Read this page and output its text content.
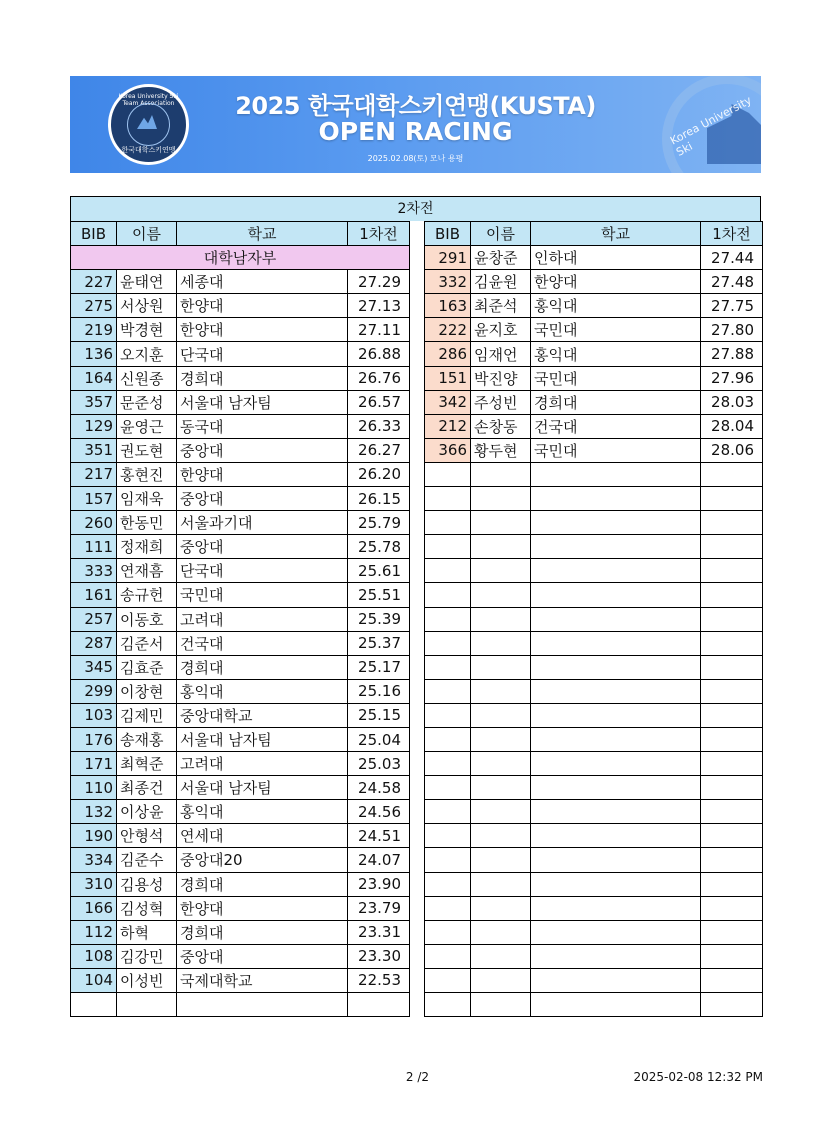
Korea University Ski Team Association
한국대학스키연맹
2025 한국대학스키연맹(KUSTA)
OPEN RACING
2025.02.08(토) 모나 용평
Korea University Ski
2차전
BIB	이름	학교	1차전
대학남자부			
227	윤태연	세종대	27.29
275	서상원	한양대	27.13
219	박경현	한양대	27.11
136	오지훈	단국대	26.88
164	신원종	경희대	26.76
357	문준성	서울대 남자팀	26.57
129	윤영근	동국대	26.33
351	권도현	중앙대	26.27
217	홍현진	한양대	26.20
157	임재욱	중앙대	26.15
260	한동민	서울과기대	25.79
111	정재희	중앙대	25.78
333	연재흠	단국대	25.61
161	송규헌	국민대	25.51
257	이동호	고려대	25.39
287	김준서	건국대	25.37
345	김효준	경희대	25.17
299	이창현	홍익대	25.16
103	김제민	중앙대학교	25.15
176	송재홍	서울대 남자팀	25.04
171	최혁준	고려대	25.03
110	최종건	서울대 남자팀	24.58
132	이상윤	홍익대	24.56
190	안형석	연세대	24.51
334	김준수	중앙대20	24.07
310	김용성	경희대	23.90
166	김성혁	한양대	23.79
112	하혁	경희대	23.31
108	김강민	중앙대	23.30
104	이성빈	국제대학교	22.53

BIB	이름	학교	1차전
291	윤창준	인하대	27.44
332	김윤원	한양대	27.48
163	최준석	홍익대	27.75
222	윤지호	국민대	27.80
286	임재언	홍익대	27.88
151	박진양	국민대	27.96
342	주성빈	경희대	28.03
212	손창동	건국대	28.04
366	황두현	국민대	28.06

2 /2	2025-02-08 12:32 PM
